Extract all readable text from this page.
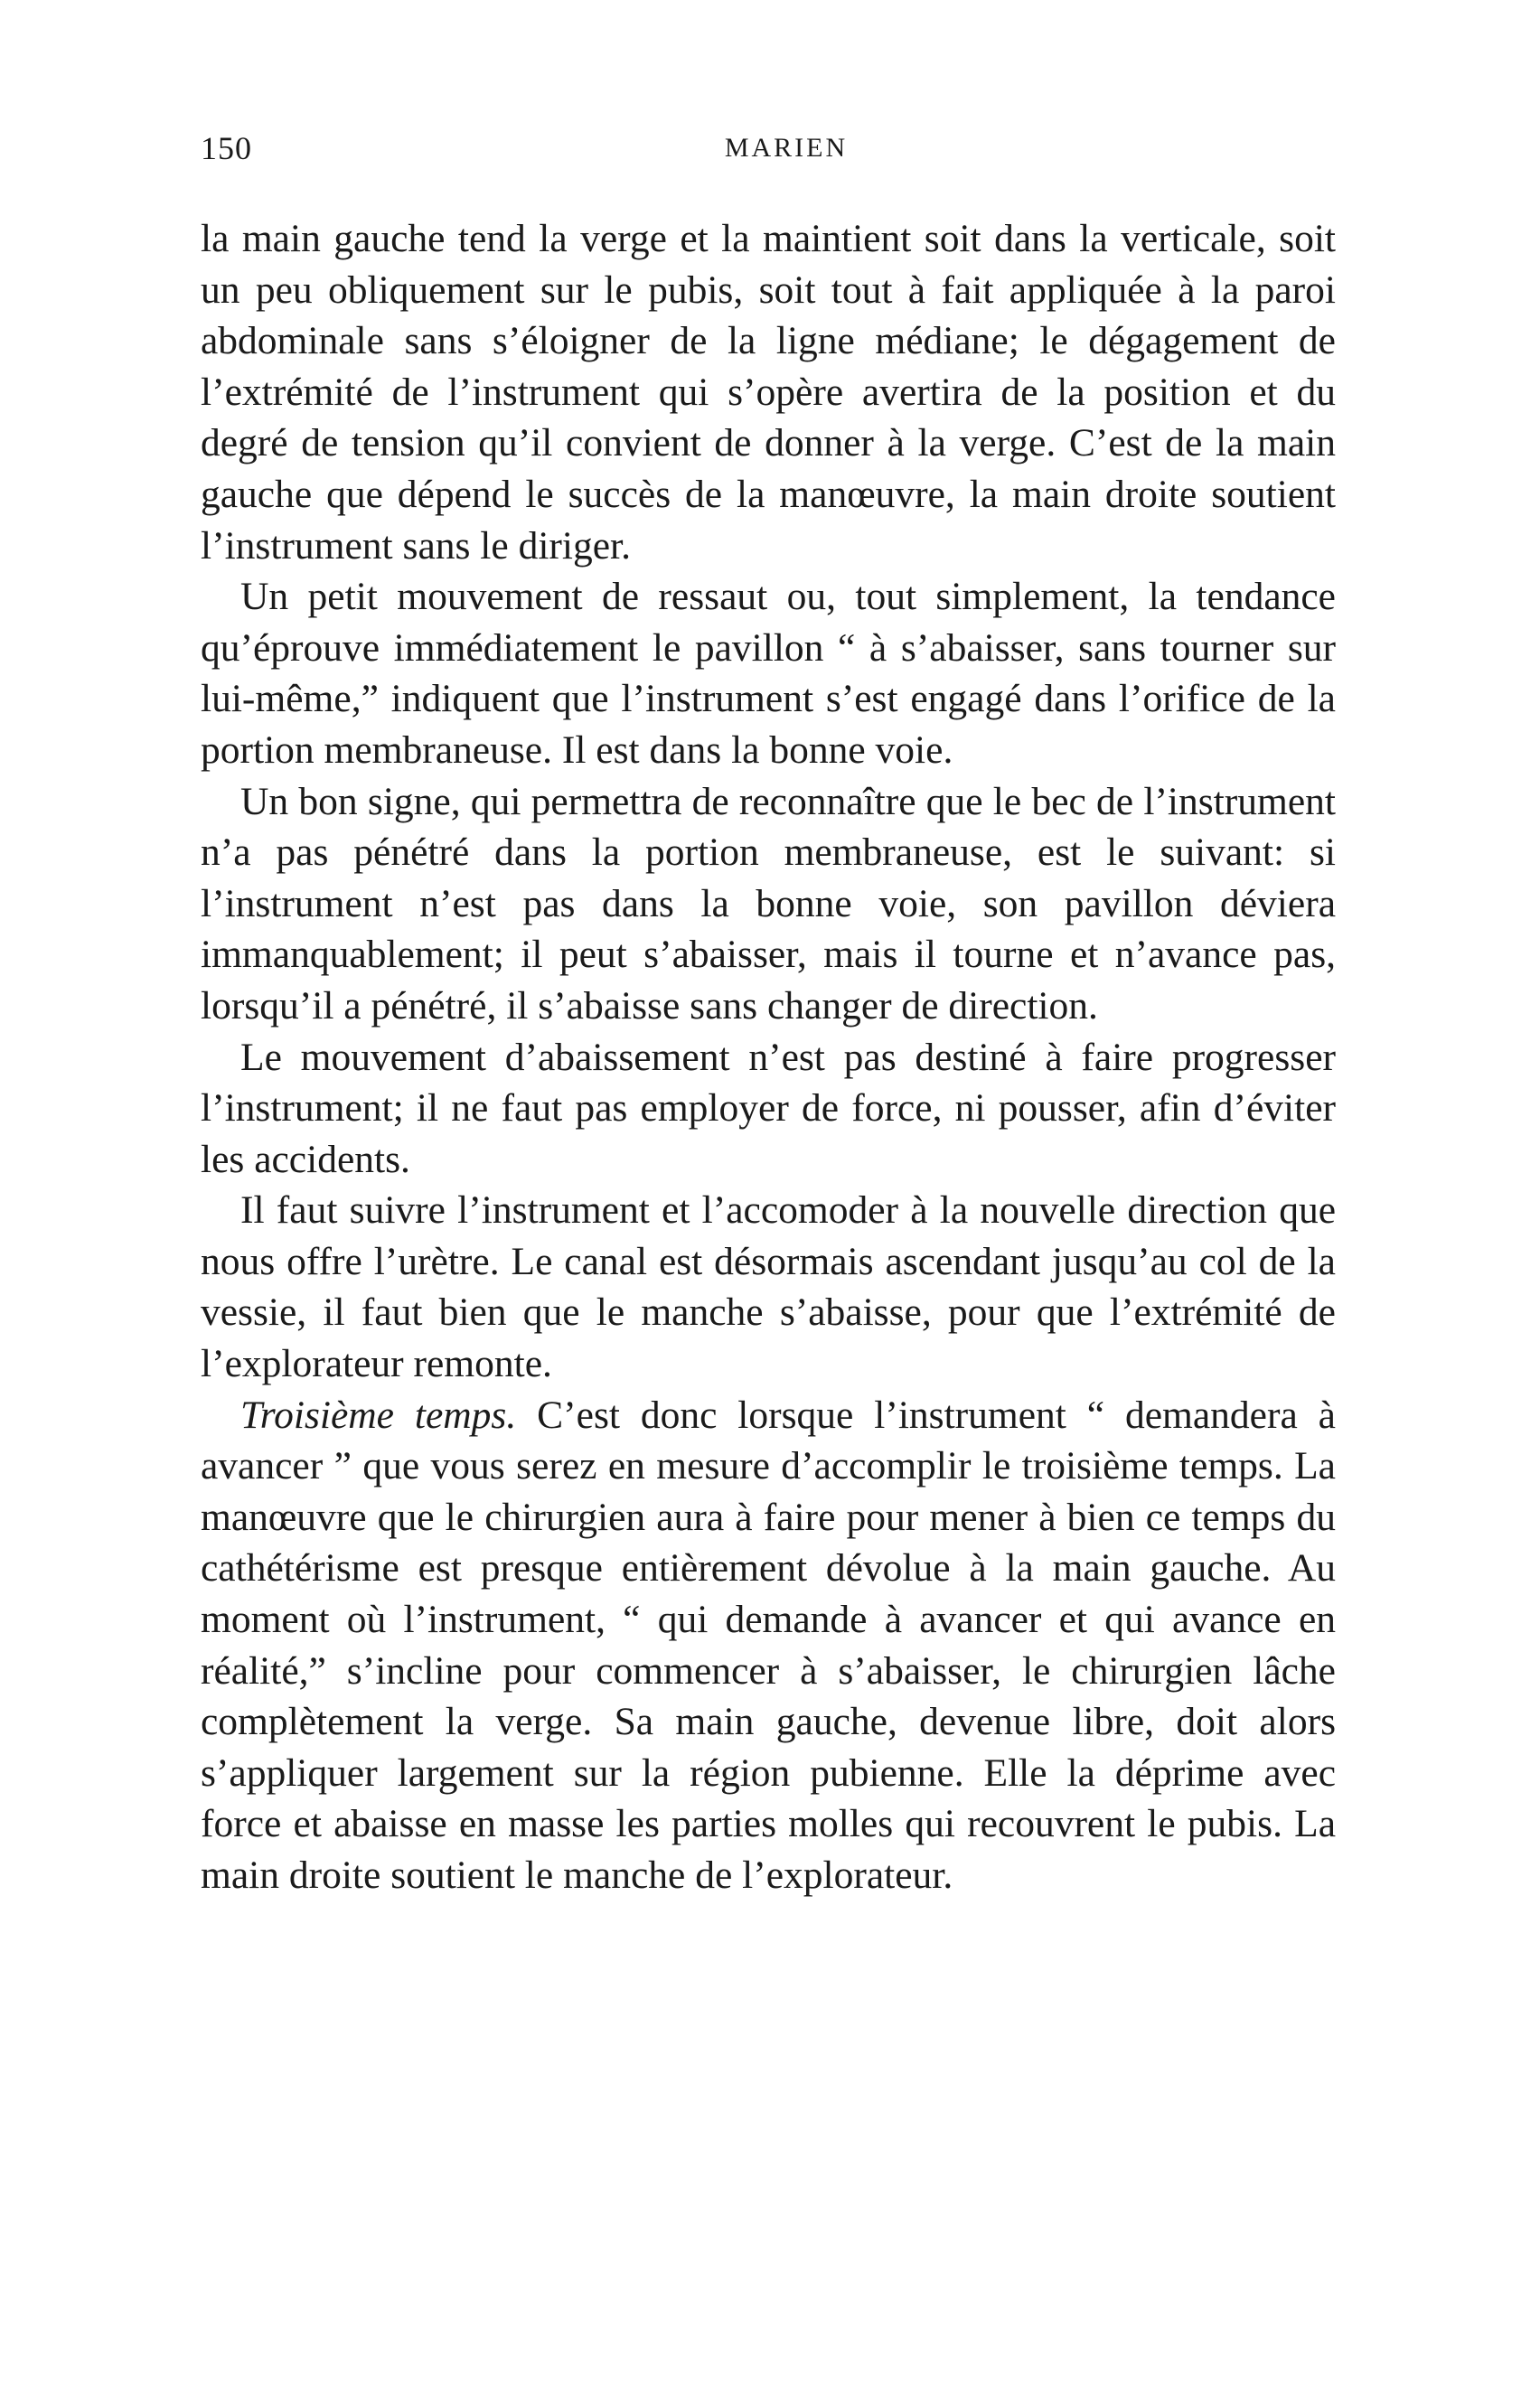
150	MARIEN

la main gauche tend la verge et la maintient soit dans la verticale, soit un peu obliquement sur le pubis, soit tout à fait appliquée à la paroi abdominale sans s’éloigner de la ligne médiane; le dégagement de l’extrémité de l’instrument qui s’opère avertira de la position et du degré de tension qu’il convient de donner à la verge. C’est de la main gauche que dépend le succès de la manœuvre, la main droite soutient l’instrument sans le diriger.

Un petit mouvement de ressaut ou, tout simplement, la tendance qu’éprouve immédiatement le pavillon “ à s’abaisser, sans tourner sur lui-même,” indiquent que l’instrument s’est engagé dans l’orifice de la portion membraneuse. Il est dans la bonne voie.

Un bon signe, qui permettra de reconnaître que le bec de l’instrument n’a pas pénétré dans la portion membraneuse, est le suivant: si l’instrument n’est pas dans la bonne voie, son pavillon déviera immanquablement; il peut s’abaisser, mais il tourne et n’avance pas, lorsqu’il a pénétré, il s’abaisse sans changer de direction.

Le mouvement d’abaissement n’est pas destiné à faire progresser l’instrument; il ne faut pas employer de force, ni pousser, afin d’éviter les accidents.

Il faut suivre l’instrument et l’accomoder à la nouvelle direction que nous offre l’urètre. Le canal est désormais ascendant jusqu’au col de la vessie, il faut bien que le manche s’abaisse, pour que l’extrémité de l’explorateur remonte.

Troisième temps. C’est donc lorsque l’instrument “ demandera à avancer ” que vous serez en mesure d’accomplir le troisième temps. La manœuvre que le chirurgien aura à faire pour mener à bien ce temps du cathétérisme est presque entièrement dévolue à la main gauche. Au moment où l’instrument, “ qui demande à avancer et qui avance en réalité,” s’incline pour commencer à s’abaisser, le chirurgien lâche complètement la verge. Sa main gauche, devenue libre, doit alors s’appliquer largement sur la région pubienne. Elle la déprime avec force et abaisse en masse les parties molles qui recouvrent le pubis. La main droite soutient le manche de l’explorateur.
